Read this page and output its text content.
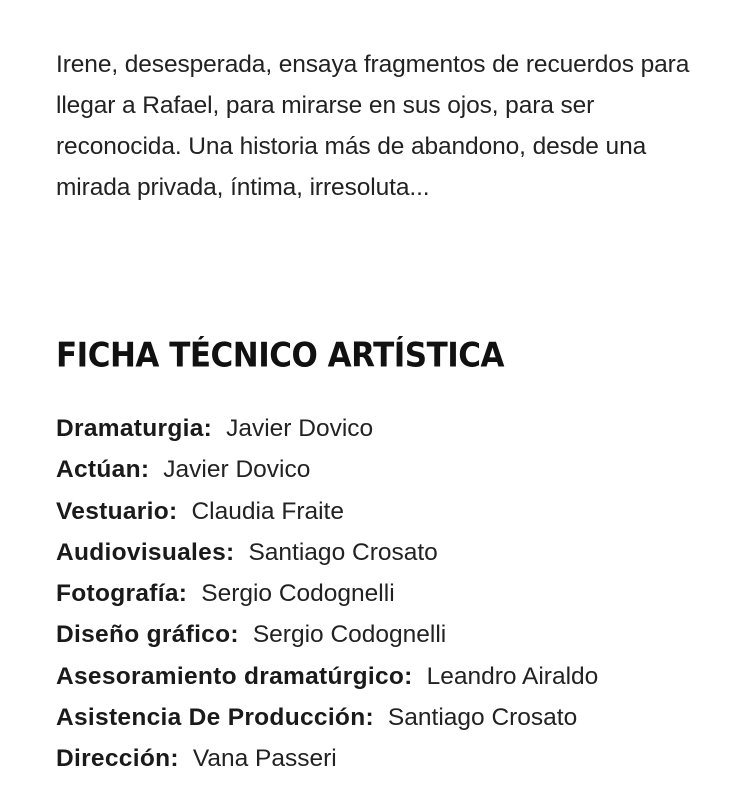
Irene, desesperada, ensaya fragmentos de recuerdos para llegar a Rafael, para mirarse en sus ojos, para ser reconocida. Una historia más de abandono, desde una mirada privada, íntima, irresoluta...

FICHA TÉCNICO ARTÍSTICA
Dramaturgia: Javier Dovico
Actúan: Javier Dovico
Vestuario: Claudia Fraite
Audiovisuales: Santiago Crosato
Fotografía: Sergio Codognelli
Diseño gráfico: Sergio Codognelli
Asesoramiento dramatúrgico: Leandro Airaldo
Asistencia De Producción: Santiago Crosato
Dirección: Vana Passeri
